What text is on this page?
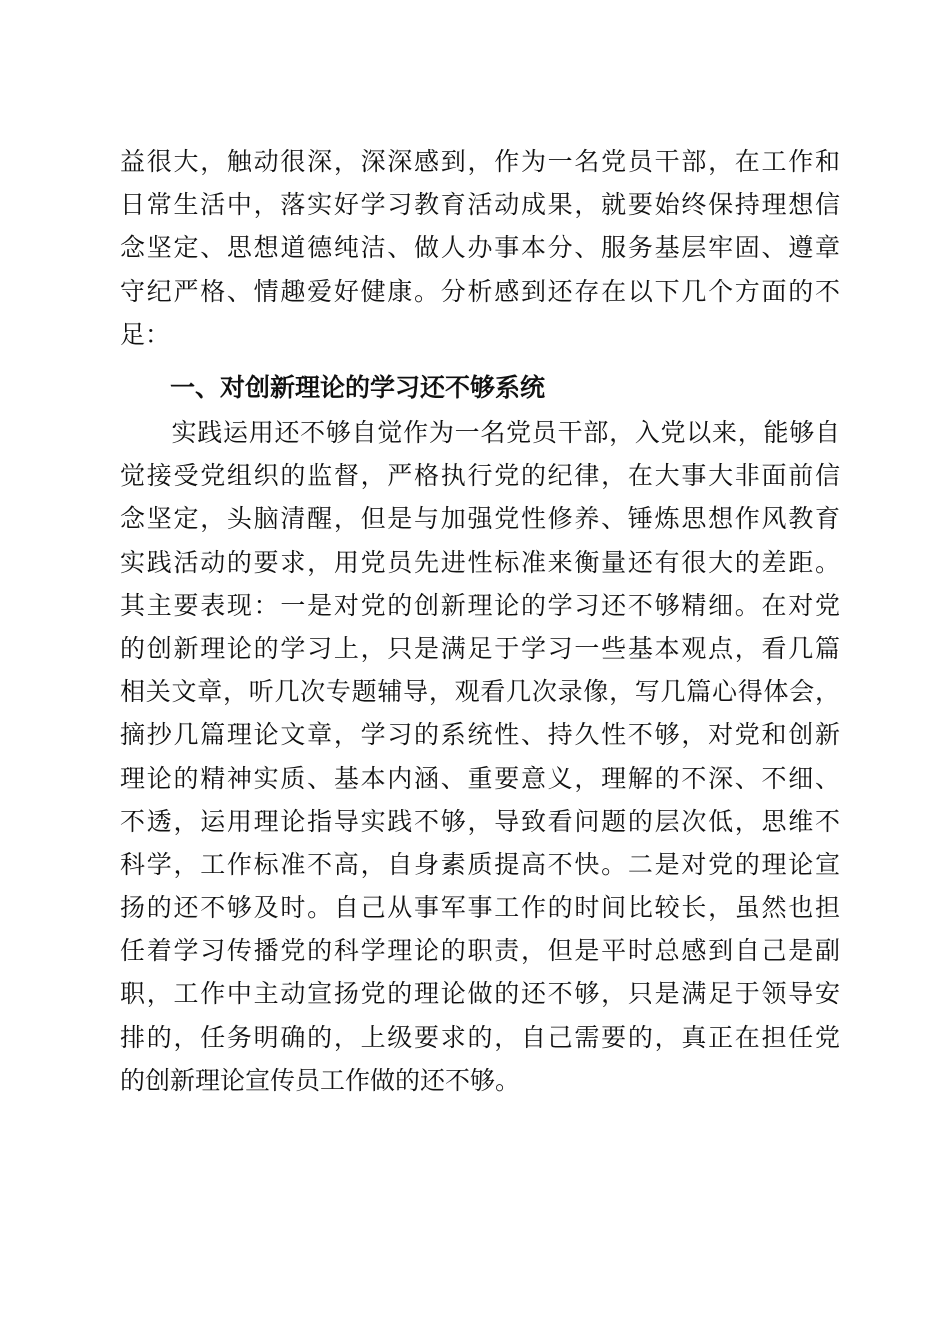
益很大，触动很深，深深感到，作为一名党员干部，在工作和
日常生活中，落实好学习教育活动成果，就要始终保持理想信
念坚定、思想道德纯洁、做人办事本分、服务基层牢固、遵章
守纪严格、情趣爱好健康。分析感到还存在以下几个方面的不
足：
一、对创新理论的学习还不够系统
　　实践运用还不够自觉作为一名党员干部，入党以来，能够自
觉接受党组织的监督，严格执行党的纪律，在大事大非面前信
念坚定，头脑清醒，但是与加强党性修养、锤炼思想作风教育
实践活动的要求，用党员先进性标准来衡量还有很大的差距。
其主要表现：一是对党的创新理论的学习还不够精细。在对党
的创新理论的学习上，只是满足于学习一些基本观点，看几篇
相关文章，听几次专题辅导，观看几次录像，写几篇心得体会，
摘抄几篇理论文章，学习的系统性、持久性不够，对党和创新
理论的精神实质、基本内涵、重要意义，理解的不深、不细、
不透，运用理论指导实践不够，导致看问题的层次低，思维不
科学，工作标准不高，自身素质提高不快。二是对党的理论宣
扬的还不够及时。自己从事军事工作的时间比较长，虽然也担
任着学习传播党的科学理论的职责，但是平时总感到自己是副
职，工作中主动宣扬党的理论做的还不够，只是满足于领导安
排的，任务明确的，上级要求的，自己需要的，真正在担任党
的创新理论宣传员工作做的还不够。
